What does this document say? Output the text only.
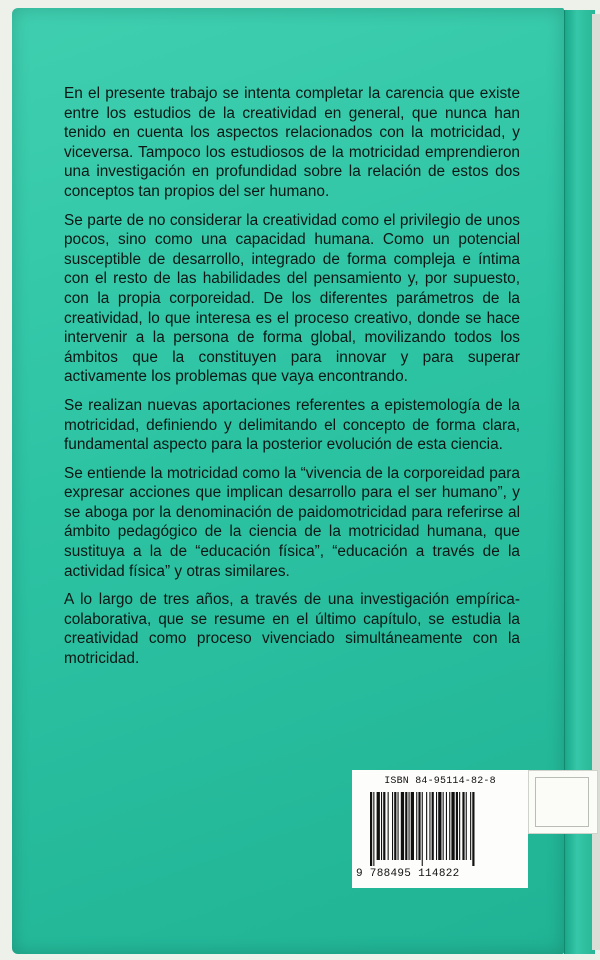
En el presente trabajo se intenta completar la carencia que existe entre los estudios de la creatividad en general, que nunca han tenido en cuenta los aspectos relacionados con la motricidad, y viceversa. Tampoco los estudiosos de la motricidad emprendieron una investigación en profundidad sobre la relación de estos dos conceptos tan propios del ser humano.

Se parte de no considerar la creatividad como el privilegio de unos pocos, sino como una capacidad humana. Como un potencial susceptible de desarrollo, integrado de forma compleja e íntima con el resto de las habilidades del pensamiento y, por supuesto, con la propia corporeidad. De los diferentes parámetros de la creatividad, lo que interesa es el proceso creativo, donde se hace intervenir a la persona de forma global, movilizando todos los ámbitos que la constituyen para innovar y para superar activamente los problemas que vaya encontrando.

Se realizan nuevas aportaciones referentes a epistemología de la motricidad, definiendo y delimitando el concepto de forma clara, fundamental aspecto para la posterior evolución de esta ciencia.

Se entiende la motricidad como la “vivencia de la corporeidad para expresar acciones que implican desarrollo para el ser humano”, y se aboga por la denominación de paidomotricidad para referirse al ámbito pedagógico de la ciencia de la motricidad humana, que sustituya a la de “educación física”, “educación a través de la actividad física” y otras similares.

A lo largo de tres años, a través de una investigación empírica-colaborativa, que se resume en el último capítulo, se estudia la creatividad como proceso vivenciado simultáneamente con la motricidad.

ISBN 84-95114-82-8
9 788495 114822
